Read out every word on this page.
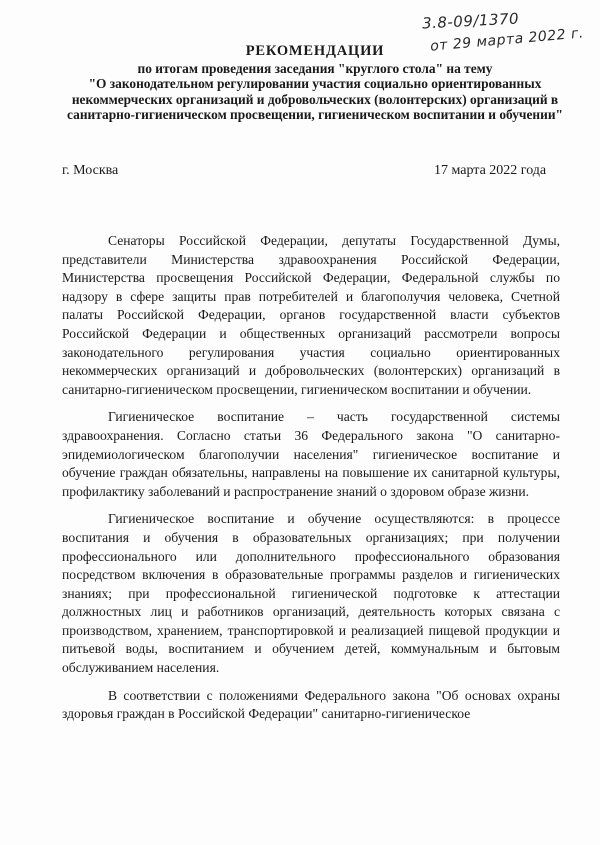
3.8-09/1370
от 29 марта 2022 г.
РЕКОМЕНДАЦИИ
по итогам проведения заседания "круглого стола" на тему
"О законодательном регулировании участия социально ориентированных некоммерческих организаций и добровольческих (волонтерских) организаций в санитарно-гигиеническом просвещении, гигиеническом воспитании и обучении"
г. Москва	17 марта 2022 года

Сенаторы Российской Федерации, депутаты Государственной Думы, представители Министерства здравоохранения Российской Федерации, Министерства просвещения Российской Федерации, Федеральной службы по надзору в сфере защиты прав потребителей и благополучия человека, Счетной палаты Российской Федерации, органов государственной власти субъектов Российской Федерации и общественных организаций рассмотрели вопросы законодательного регулирования участия социально ориентированных некоммерческих организаций и добровольческих (волонтерских) организаций в санитарно-гигиеническом просвещении, гигиеническом воспитании и обучении.

Гигиеническое воспитание – часть государственной системы здравоохранения. Согласно статьи 36 Федерального закона "О санитарно-эпидемиологическом благополучии населения" гигиеническое воспитание и обучение граждан обязательны, направлены на повышение их санитарной культуры, профилактику заболеваний и распространение знаний о здоровом образе жизни.

Гигиеническое воспитание и обучение осуществляются: в процессе воспитания и обучения в образовательных организациях; при получении профессионального или дополнительного профессионального образования посредством включения в образовательные программы разделов и гигиенических знаниях; при профессиональной гигиенической подготовке к аттестации должностных лиц и работников организаций, деятельность которых связана с производством, хранением, транспортировкой и реализацией пищевой продукции и питьевой воды, воспитанием и обучением детей, коммунальным и бытовым обслуживанием населения.

В соответствии с положениями Федерального закона "Об основах охраны здоровья граждан в Российской Федерации" санитарно-гигиеническое
